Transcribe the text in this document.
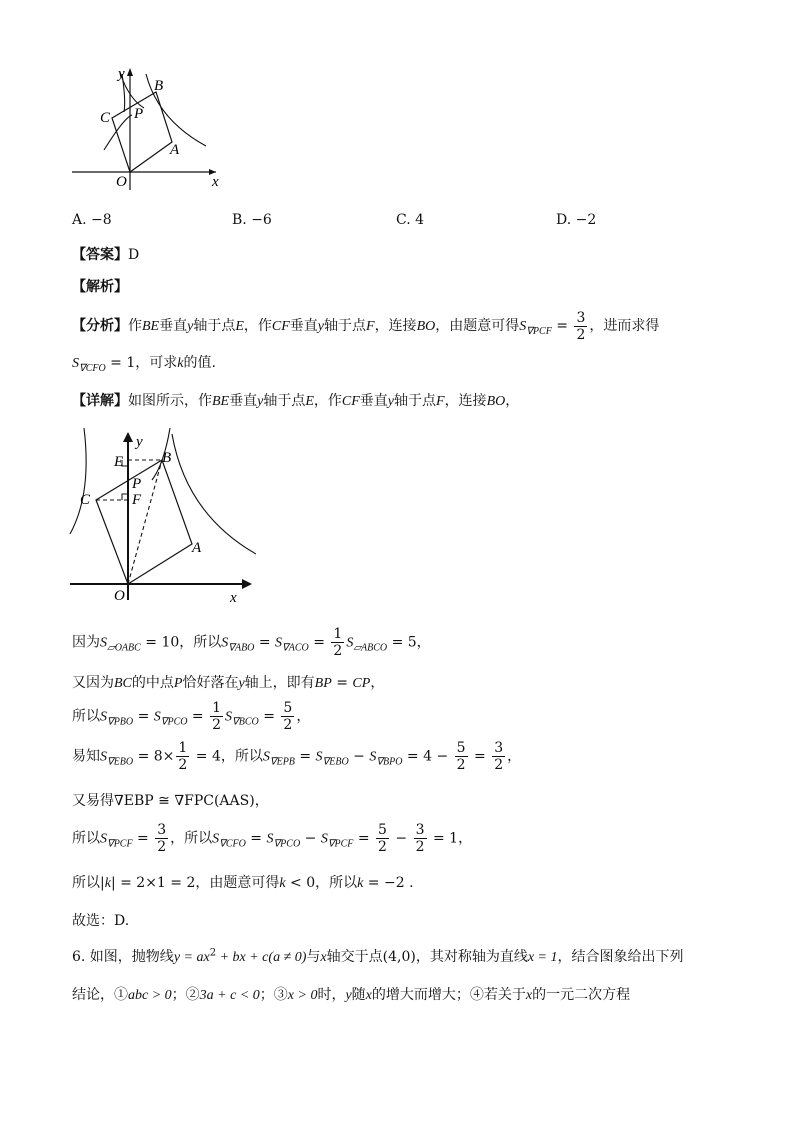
y
B
C P
A
O	x
A. −8	B. −6	C. 4	D. −2
【答案】D
【解析】
【分析】作BE垂直y轴于点E，作CF垂直y轴于点F，连接BO，由题意可得$S_{\nabla PCF} = \frac{3}{2}$ ，进而求得
$S_{\nabla CFO} = 1$，可求k的值.
【详解】如图所示，作BE垂直y轴于点E，作CF垂直y轴于点F，连接BO，
y
E	B
C
P
F
A
O	x
因为$S_{▱OABC} = 10$，所以$S_{\nabla ABO} = S_{\nabla ACO} = \frac{1}{2} S_{▱ABCO} = 5$，
又因为BC的中点P恰好落在y轴上，即有BP = CP，
所以$S_{\nabla PBO} = S_{\nabla PCO} = \frac{1}{2} S_{\nabla BCO} = \frac{5}{2}$ ，
易知$S_{\nabla EBO} = 8\times \frac{1}{2} = 4$，所以$S_{\nabla EPB} = S_{\nabla EBO} - S_{\nabla BPO} = 4 - \frac{5}{2} = \frac{3}{2}$ ，
又易得∇EBP ≅ ∇FPC(AAS)，
所以$S_{\nabla PCF} = \frac{3}{2}$ ，所以$S_{\nabla CFO} = S_{\nabla PCO} - S_{\nabla PCF} = \frac{5}{2} - \frac{3}{2} = 1$，
所以|k| = 2×1 = 2，由题意可得k < 0，所以k = −2 .
故选：D.
6. 如图，抛物线$y = ax^2$ + bx + c(a ≠ 0)与x轴交于点(4,0)，其对称轴为直线x = 1，结合图象给出下列
结论，①abc > 0；②3a + c < 0；③x > 0时，y随x的增大而增大；④若关于x的一元二次方程
